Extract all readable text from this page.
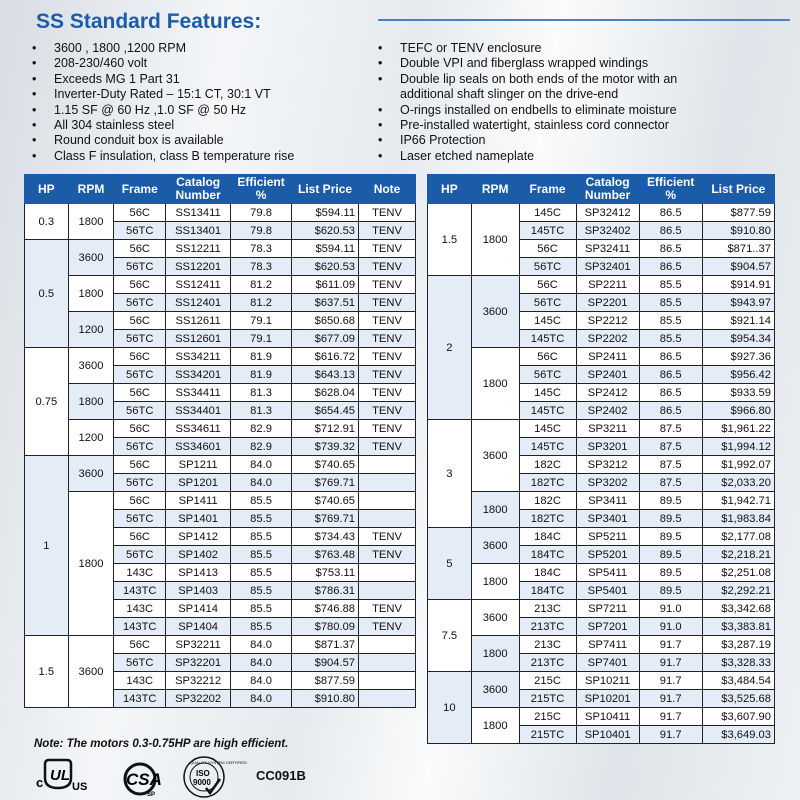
SS Standard Features:
• 3600 , 1800 ,1200 RPM
• 208-230/460 volt
• Exceeds MG 1 Part 31
• Inverter-Duty Rated – 15:1 CT, 30:1 VT
• 1.15 SF @ 60 Hz ,1.0 SF @ 50 Hz
• All 304 stainless steel
• Round conduit box is available
• Class F insulation, class B temperature rise
• TEFC or TENV enclosure
• Double VPI and fiberglass wrapped windings
• Double lip seals on both ends of the motor with an additional shaft slinger on the drive-end
• O-rings installed on endbells to eliminate moisture
• Pre-installed watertight, stainless cord connector
• IP66 Protection
• Laser etched nameplate
HP	RPM	Frame	Catalog Number	Efficient %	List Price	Note
0.3	1800	56C	SS13411	79.8	$594.11	TENV
		56TC	SS13401	79.8	$620.53	TENV
0.5	3600	56C	SS12211	78.3	$594.11	TENV
		56TC	SS12201	78.3	$620.53	TENV
	1800	56C	SS12411	81.2	$611.09	TENV
		56TC	SS12401	81.2	$637.51	TENV
	1200	56C	SS12611	79.1	$650.68	TENV
		56TC	SS12601	79.1	$677.09	TENV
0.75	3600	56C	SS34211	81.9	$616.72	TENV
		56TC	SS34201	81.9	$643.13	TENV
	1800	56C	SS34411	81.3	$628.04	TENV
		56TC	SS34401	81.3	$654.45	TENV
	1200	56C	SS34611	82.9	$712.91	TENV
		56TC	SS34601	82.9	$739.32	TENV
1	3600	56C	SP1211	84.0	$740.65	
		56TC	SP1201	84.0	$769.71	
	1800	56C	SP1411	85.5	$740.65	
		56TC	SP1401	85.5	$769.71	
		56C	SP1412	85.5	$734.43	TENV
		56TC	SP1402	85.5	$763.48	TENV
		143C	SP1413	85.5	$753.11	
		143TC	SP1403	85.5	$786.31	
		143C	SP1414	85.5	$746.88	TENV
		143TC	SP1404	85.5	$780.09	TENV
1.5	3600	56C	SP32211	84.0	$871.37	
		56TC	SP32201	84.0	$904.57	
		143C	SP32212	84.0	$877.59	
		143TC	SP32202	84.0	$910.80	
HP	RPM	Frame	Catalog Number	Efficient %	List Price
1.5	1800	145C	SP32412	86.5	$877.59
		145TC	SP32402	86.5	$910.80
		56C	SP32411	86.5	$871..37
		56TC	SP32401	86.5	$904.57
2	3600	56C	SP2211	85.5	$914.91
		56TC	SP2201	85.5	$943.97
		145C	SP2212	85.5	$921.14
		145TC	SP2202	85.5	$954.34
	1800	56C	SP2411	86.5	$927.36
		56TC	SP2401	86.5	$956.42
		145C	SP2412	86.5	$933.59
		145TC	SP2402	86.5	$966.80
3	3600	145C	SP3211	87.5	$1,961.22
		145TC	SP3201	87.5	$1,994.12
		182C	SP3212	87.5	$1,992.07
		182TC	SP3202	87.5	$2,033.20
	1800	182C	SP3411	89.5	$1,942.71
		182TC	SP3401	89.5	$1,983.84
5	3600	184C	SP5211	89.5	$2,177.08
		184TC	SP5201	89.5	$2,218.21
	1800	184C	SP5411	89.5	$2,251.08
		184TC	SP5401	89.5	$2,292.21
7.5	3600	213C	SP7211	91.0	$3,342.68
		213TC	SP7201	91.0	$3,383.81
	1800	213C	SP7411	91.7	$3,287.19
		213TC	SP7401	91.7	$3,328.33
10	3600	215C	SP10211	91.7	$3,484.54
		215TC	SP10201	91.7	$3,525.68
	1800	215C	SP10411	91.7	$3,607.90
		215TC	SP10401	91.7	$3,649.03
Note: The motors 0.3-0.75HP are high efficient.
c UL
US CSA
SP
QUALITY SYSTEM CERTIFIED
ISO
9000	CC091B
